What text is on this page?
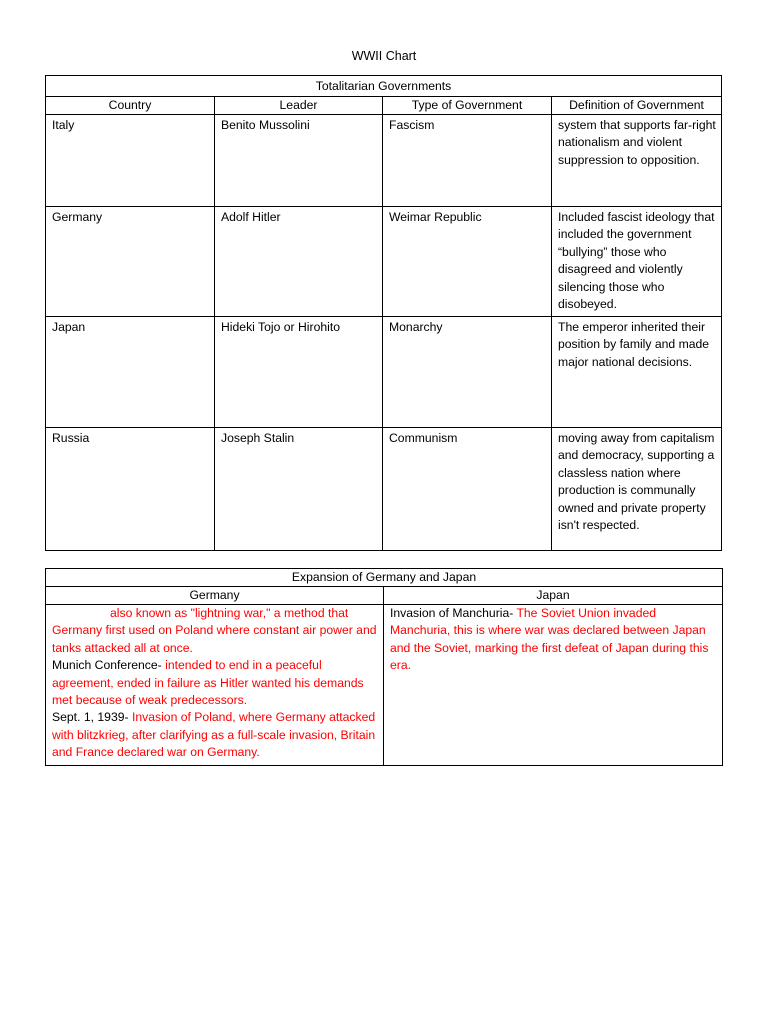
WWII Chart
Totalitarian Governments			
Country	Leader	Type of Government	Definition of Government
Italy	Benito Mussolini	Fascism	system that supports far-right nationalism and violent suppression to opposition.
Germany	Adolf Hitler	Weimar Republic	Included fascist ideology that included the government “bullying” those who disagreed and violently silencing those who disobeyed.
Japan	Hideki Tojo or Hirohito	Monarchy	The emperor inherited their position by family and made major national decisions.
Russia	Joseph Stalin	Communism	moving away from capitalism and democracy, supporting a classless nation where production is communally owned and private property isn't respected.
Expansion of Germany and Japan	
Germany	Japan
also known as "lightning war," a method that Germany first used on Poland where constant air power and tanks attacked all at once.
Munich Conference- intended to end in a peaceful agreement, ended in failure as Hitler wanted his demands met because of weak predecessors.
Sept. 1, 1939- Invasion of Poland, where Germany attacked with blitzkrieg, after clarifying as a full-scale invasion, Britain and France declared war on Germany.	Invasion of Manchuria- The Soviet Union invaded Manchuria, this is where war was declared between Japan and the Soviet, marking the first defeat of Japan during this era.
